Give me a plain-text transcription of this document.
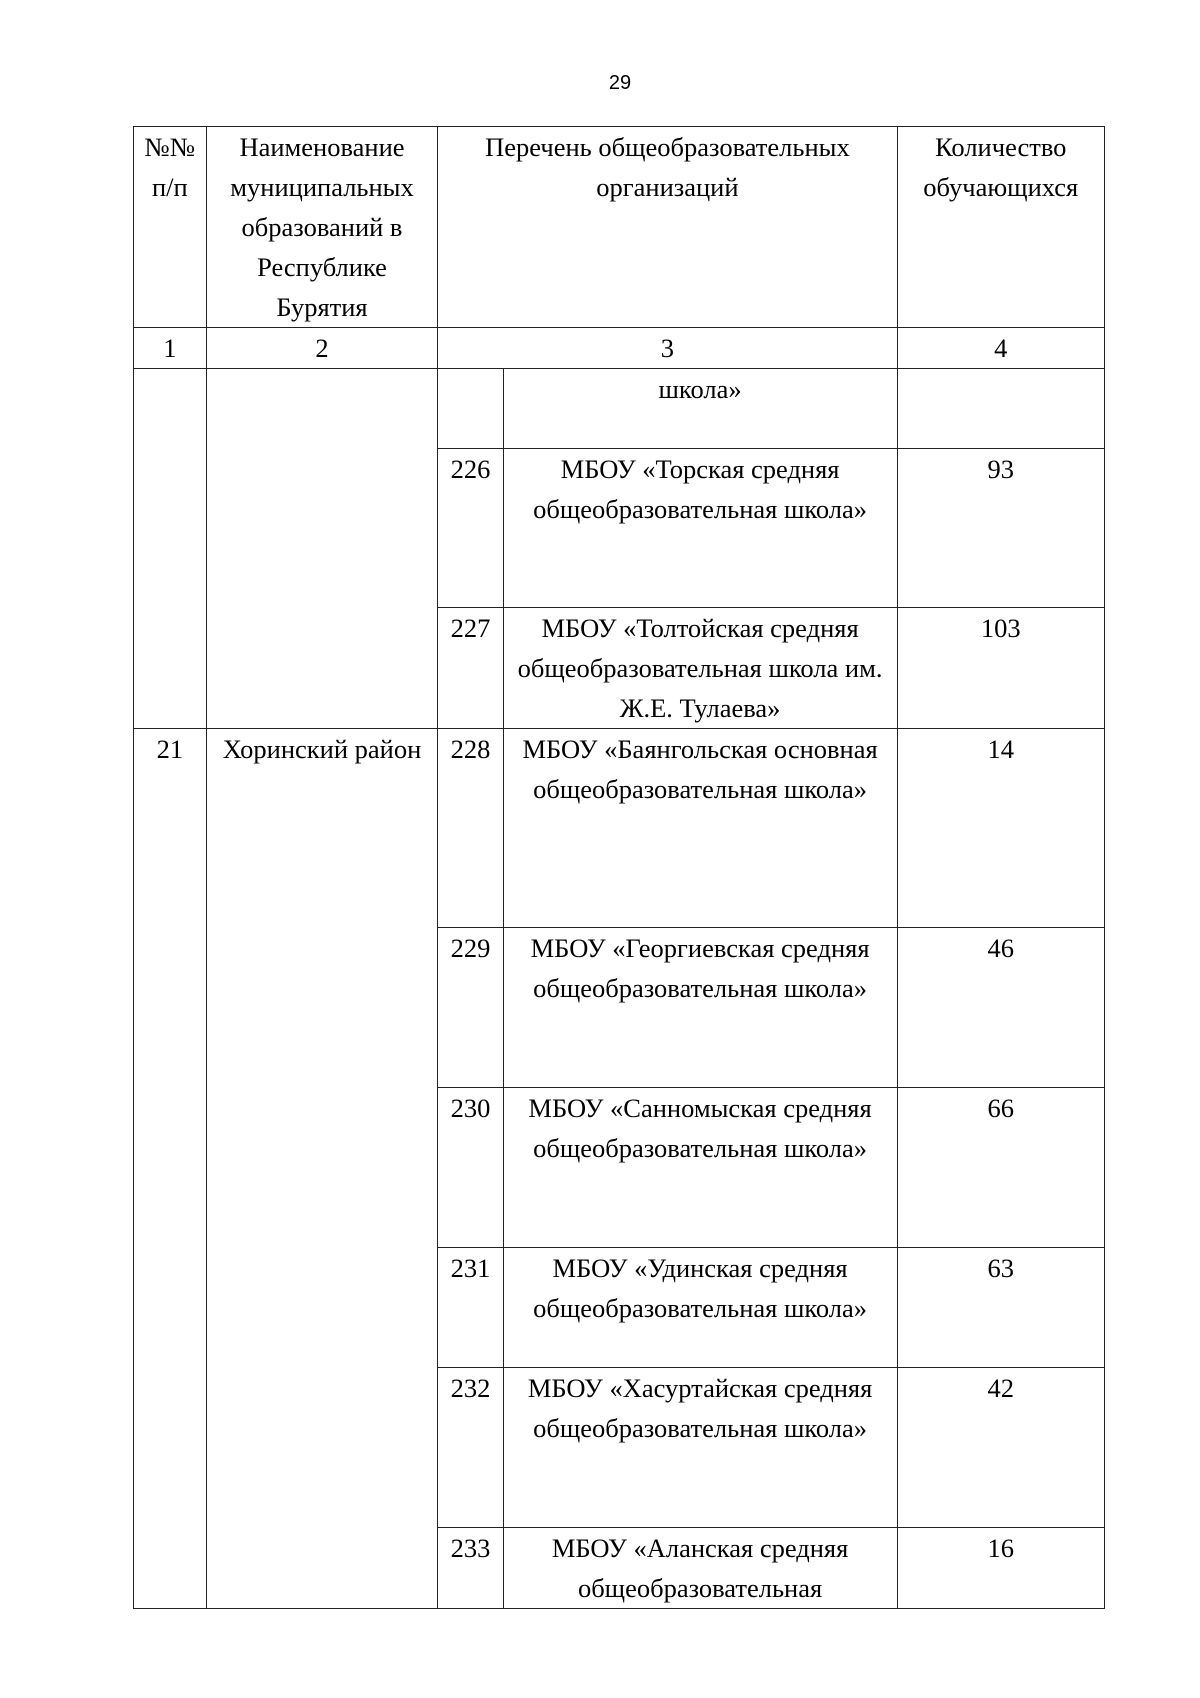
29
№№ п/п	Наименование муниципальных образований в Республике Бурятия	Перечень общеобразовательных организаций		Количество обучающихся
1	2	3		4
			школа»	
		226	МБОУ «Торская средняя общеобразовательная школа»	93
		227	МБОУ «Толтойская средняя общеобразовательная школа им. Ж.Е. Тулаева»	103
21	Хоринский район	228	МБОУ «Баянгольская основная общеобразовательная школа»	14
		229	МБОУ «Георгиевская средняя общеобразовательная школа»	46
		230	МБОУ «Санномыская средняя общеобразовательная школа»	66
		231	МБОУ «Удинская средняя общеобразовательная школа»	63
		232	МБОУ «Хасуртайская средняя общеобразовательная школа»	42
		233	МБОУ «Аланская средняя общеобразовательная	16
